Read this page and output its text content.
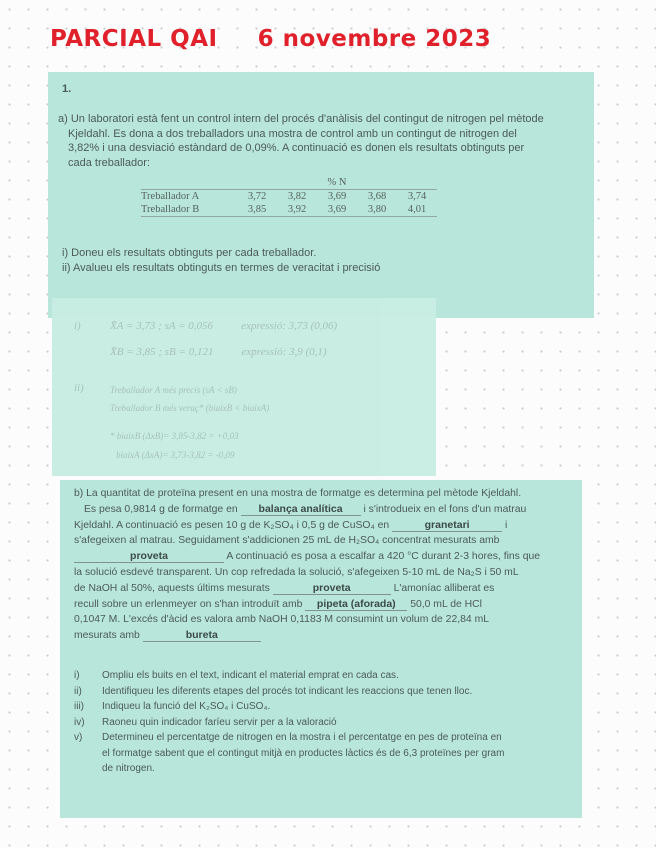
PARCIAL QAI 6 novembre 2023
1.
a) Un laboratori està fent un control intern del procés d'anàlisis del contingut de nitrogen pel mètode
Kjeldahl. Es dona a dos treballadors una mostra de control amb un contingut de nitrogen del
3,82% i una desviació estàndard de 0,09%. A continuació es donen els resultats obtinguts per
cada treballador:
			% N		
Treballador A	3,72	3,82	3,69	3,68	3,74
Treballador B	3,85	3,92	3,69	3,80	4,01
i) Doneu els resultats obtinguts per cada treballador.
ii) Avalueu els resultats obtinguts en termes de veracitat i precisió
i)	X̄A = 3,73 ; sA = 0,056	expressió: 3,73 (0,06)
X̄B = 3,85 ; sB = 0,121	expressió: 3,9 (0,1)
ii)	Treballador A més precís (sA < sB)
Treballador B més veraç* (biaixB < biaixA)
* biaixB (ΔxB)= 3,85-3,82 = +0,03
biaixA (ΔxA)= 3,73-3,82 = -0,09
b) La quantitat de proteïna present en una mostra de formatge es determina pel mètode Kjeldahl.
Es pesa 0,9814 g de formatge en balança analítica i s'introdueix en el fons d'un matrau
Kjeldahl. A continuació es pesen 10 g de K₂SO₄ i 0,5 g de CuSO₄ en	granetari	i
s'afegeixen al matrau. Seguidament s'addicionen 25 mL de H₂SO₄ concentrat mesurats amb
proveta	A continuació es posa a escalfar a 420 °C durant 2-3 hores, fins que
la solució esdevé transparent. Un cop refredada la solució, s'afegeixen 5-10 mL de Na₂S i 50 mL
de NaOH al 50%, aquests últims mesurats	proveta	L'amoníac alliberat es
recull sobre un erlenmeyer on s'han introduït amb pipeta (aforada) 50,0 mL de HCl
0,1047 M. L'excés d'àcid es valora amb NaOH 0,1183 M consumint un volum de 22,84 mL
mesurats amb	bureta
i)	Ompliu els buits en el text, indicant el material emprat en cada cas.
ii)	Identifiqueu les diferents etapes del procés tot indicant les reaccions que tenen lloc.
iii)	Indiqueu la funció del K₂SO₄ i CuSO₄.
iv)	Raoneu quin indicador faríeu servir per a la valoració
v)	Determineu el percentatge de nitrogen en la mostra i el percentatge en pes de proteïna en
el formatge sabent que el contingut mitjà en productes làctics és de 6,3 proteïnes per gram
de nitrogen.
